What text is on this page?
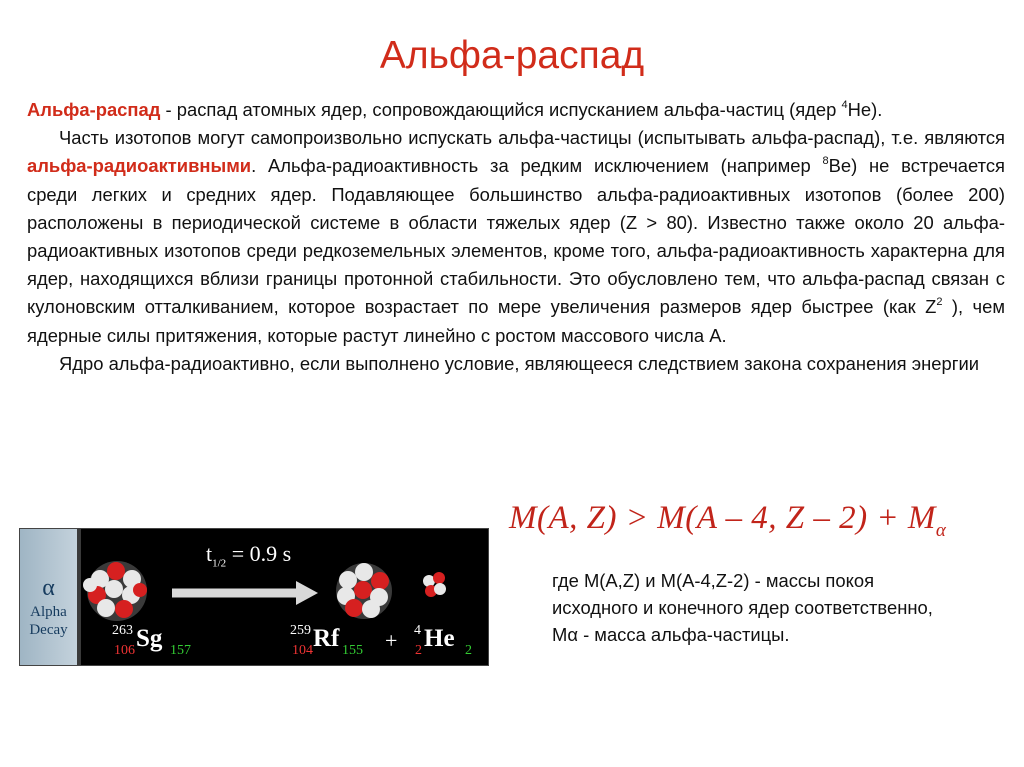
Альфа-распад

Альфа-распад - распад атомных ядер, сопровождающийся испусканием альфа-частиц (ядер $^4$He).

Часть изотопов могут самопроизвольно испускать альфа-частицы (испытывать альфа-распад), т.е. являются альфа-радиоактивными. Альфа-радиоактивность за редким исключением (например $^8$Be) не встречается среди легких и средних ядер. Подавляющее большинство альфа-радиоактивных изотопов (более 200) расположены в периодической системе в области тяжелых ядер (Z > 80). Известно также около 20 альфа-радиоактивных изотопов среди редкоземельных элементов, кроме того, альфа-радиоактивность характерна для ядер, находящихся вблизи границы протонной стабильности. Это обусловлено тем, что альфа-распад связан с кулоновским отталкиванием, которое возрастает по мере увеличения размеров ядер быстрее (как $Z^2$ ), чем ядерные силы притяжения, которые растут линейно с ростом массового числа А.

Ядро альфа-радиоактивно, если выполнено условие, являющееся следствием закона сохранения энергии

M(A, Z) > M(A – 4, $Z - 2) + M_\alpha$
α
Alpha
Decay
$t_{1/2} = 0.9$ s
263 Sg
106	157
259 Rf
104 155 + 4 He
2	2
где M(A,Z) и M(A-4,Z-2) - массы покоя исходного и конечного ядер соответственно, Mα - масса альфа-частицы.
